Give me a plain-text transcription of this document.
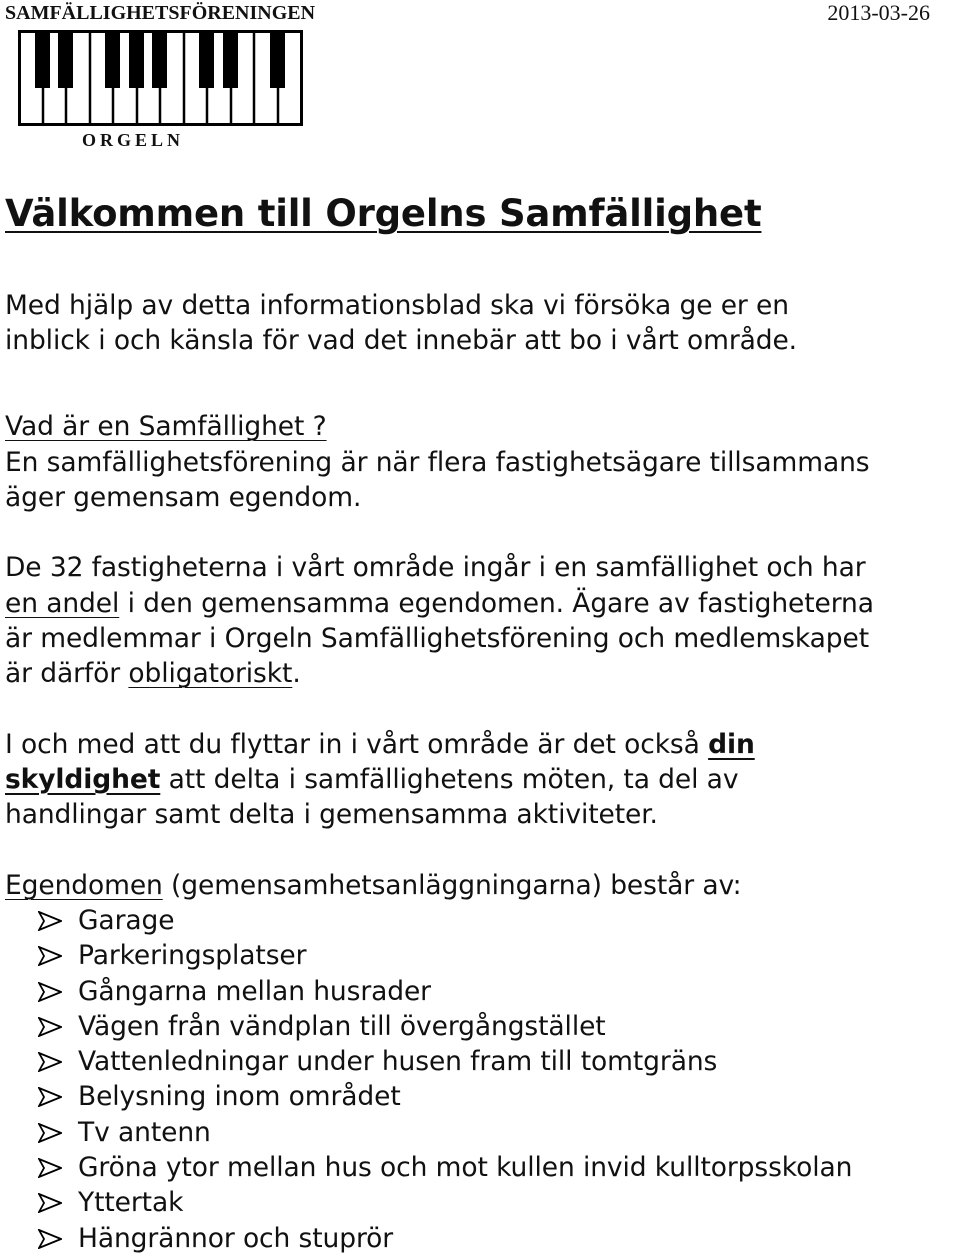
SAMFÄLLIGHETSFÖRENINGEN	2013-03-26
ORGELN
Välkommen till Orgelns Samfällighet

Med hjälp av detta informationsblad ska vi försöka ge er en

inblick i och känsla för vad det innebär att bo i vårt område.

Vad är en Samfällighet ?

En samfällighetsförening är när flera fastighetsägare tillsammans

äger gemensam egendom.

De 32 fastigheterna i vårt område ingår i en samfällighet och har

en andel i den gemensamma egendomen. Ägare av fastigheterna

är medlemmar i Orgeln Samfällighetsförening och medlemskapet

är därför obligatoriskt.

I och med att du flyttar in i vårt område är det också din

skyldighet att delta i samfällighetens möten, ta del av

handlingar samt delta i gemensamma aktiviteter.

Egendomen (gemensamhetsanläggningarna) består av:

Garage
Parkeringsplatser
Gångarna mellan husrader
Vägen från vändplan till övergångstället
Vattenledningar under husen fram till tomtgräns
Belysning inom området
Tv antenn
Gröna ytor mellan hus och mot kullen invid kulltorpsskolan
Yttertak
Hängrännor och stuprör
